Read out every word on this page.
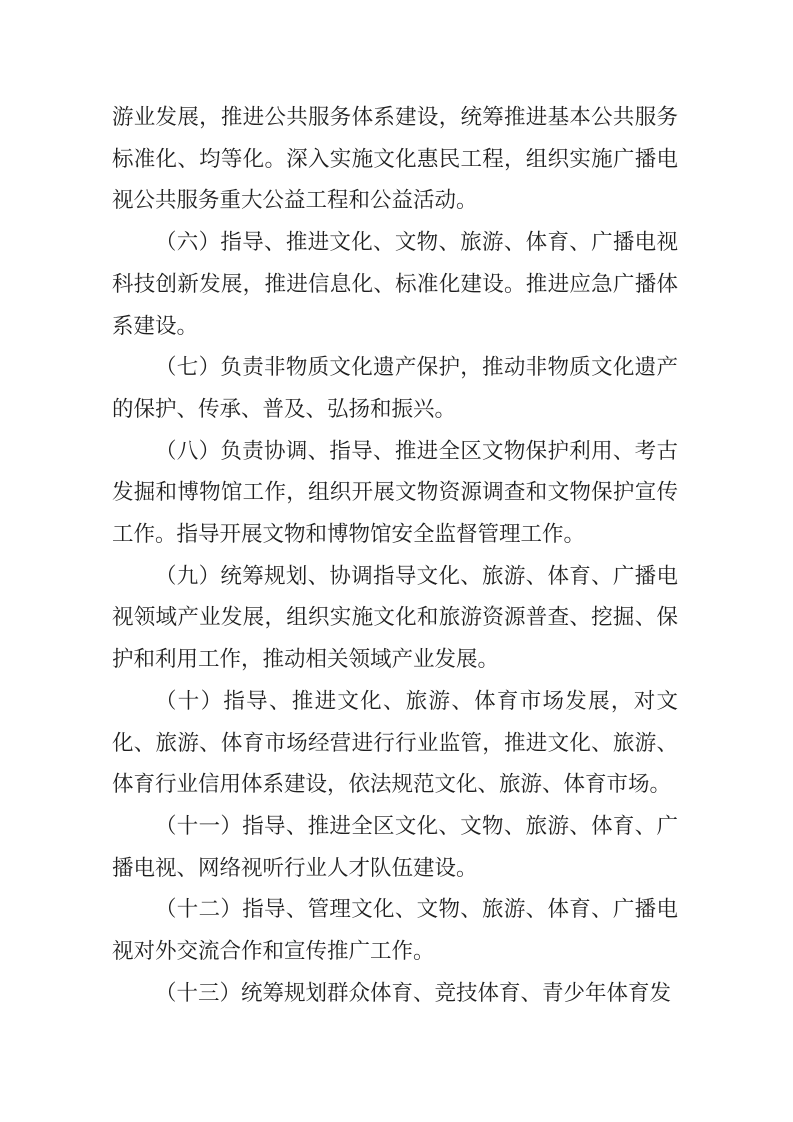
游业发展，推进公共服务体系建设，统筹推进基本公共服务标准化、均等化。深入实施文化惠民工程，组织实施广播电视公共服务重大公益工程和公益活动。

（六）指导、推进文化、文物、旅游、体育、广播电视科技创新发展，推进信息化、标准化建设。推进应急广播体系建设。

（七）负责非物质文化遗产保护，推动非物质文化遗产的保护、传承、普及、弘扬和振兴。

（八）负责协调、指导、推进全区文物保护利用、考古发掘和博物馆工作，组织开展文物资源调查和文物保护宣传工作。指导开展文物和博物馆安全监督管理工作。

（九）统筹规划、协调指导文化、旅游、体育、广播电视领域产业发展，组织实施文化和旅游资源普查、挖掘、保护和利用工作，推动相关领域产业发展。

（十）指导、推进文化、旅游、体育市场发展，对文化、旅游、体育市场经营进行行业监管，推进文化、旅游、体育行业信用体系建设，依法规范文化、旅游、体育市场。

（十一）指导、推进全区文化、文物、旅游、体育、广播电视、网络视听行业人才队伍建设。

（十二）指导、管理文化、文物、旅游、体育、广播电视对外交流合作和宣传推广工作。

（十三）统筹规划群众体育、竞技体育、青少年体育发
